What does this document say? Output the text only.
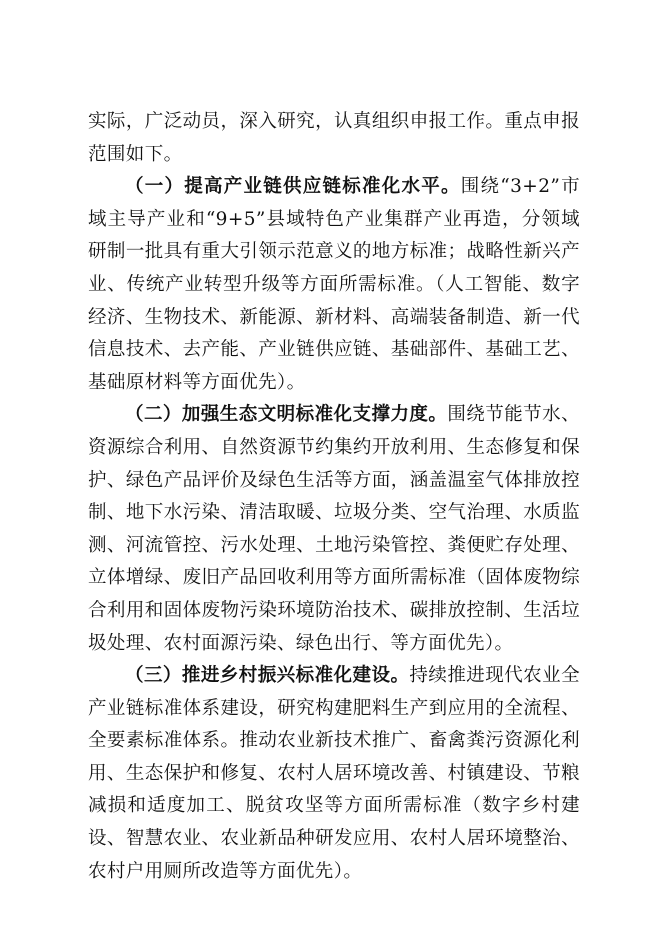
实际，广泛动员，深入研究，认真组织申报工作。重点申报范围如下。

（一）提高产业链供应链标准化水平。围绕“3+2”市域主导产业和“9+5”县域特色产业集群产业再造，分领域研制一批具有重大引领示范意义的地方标准；战略性新兴产业、传统产业转型升级等方面所需标准。（人工智能、数字经济、生物技术、新能源、新材料、高端装备制造、新一代信息技术、去产能、产业链供应链、基础部件、基础工艺、基础原材料等方面优先）。

（二）加强生态文明标准化支撑力度。围绕节能节水、资源综合利用、自然资源节约集约开放利用、生态修复和保护、绿色产品评价及绿色生活等方面，涵盖温室气体排放控制、地下水污染、清洁取暖、垃圾分类、空气治理、水质监测、河流管控、污水处理、土地污染管控、粪便贮存处理、立体增绿、废旧产品回收利用等方面所需标准（固体废物综合利用和固体废物污染环境防治技术、碳排放控制、生活垃圾处理、农村面源污染、绿色出行、等方面优先）。

（三）推进乡村振兴标准化建设。持续推进现代农业全产业链标准体系建设，研究构建肥料生产到应用的全流程、全要素标准体系。推动农业新技术推广、畜禽粪污资源化利用、生态保护和修复、农村人居环境改善、村镇建设、节粮减损和适度加工、脱贫攻坚等方面所需标准（数字乡村建设、智慧农业、农业新品种研发应用、农村人居环境整治、农村户用厕所改造等方面优先）。
